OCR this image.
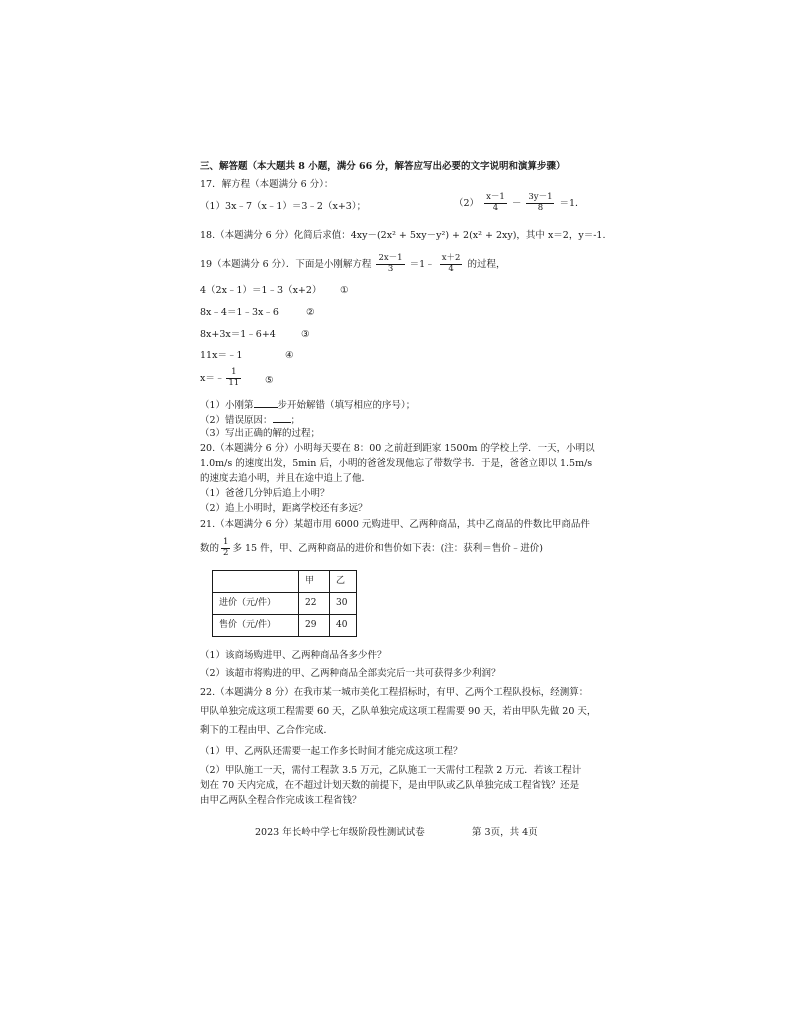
三、解答题（本大题共 8 小题，满分 66 分，解答应写出必要的文字说明和演算步骤）
17．解方程（本题满分 6 分）：
（1）3x﹣7（x﹣1）＝3﹣2（x+3）；	$(2) \frac{x-1}{4} - \frac{3y-1}{8} =1$．
18.（本题满分 6 分）化简后求值：4xy－(2x² + 5xy－y²) + 2(x² + 2xy)，其中 x＝2，y＝-1.
19（本题满分 6 分）．下面是小刚解方程 $\frac{2x-1}{3}$ ＝1﹣ $\frac{x+2}{4}$ 的过程，
4（2x﹣1）＝1﹣3（x+2） ①
8x﹣4＝1﹣3x﹣6	②
8x+3x＝1﹣6+4	③
11x＝﹣1	④
x＝﹣ $\frac{1}{11}$	⑤
（1）小刚第	步开始解错（填写相应的序号）；
（2）错误原因： ；
（3）写出正确的解的过程；
20.（本题满分 6 分）小明每天要在 8：00 之前赶到距家 1500m 的学校上学．一天，小明以
1.0m/s 的速度出发，5min 后，小明的爸爸发现他忘了带数学书．于是，爸爸立即以 1.5m/s
的速度去追小明，并且在途中追上了他．
（1）爸爸几分钟后追上小明？
（2）追上小明时，距离学校还有多远？
21.（本题满分 6 分）某超市用 6000 元购进甲、乙两种商品，其中乙商品的件数比甲商品件
数的 $\frac{1}{2}$ 多 15 件，甲、乙两种商品的进价和售价如下表：(注：获利＝售价﹣进价)
	甲	乙
进价（元/件）	22	30
售价（元/件）	29	40
（1）该商场购进甲、乙两种商品各多少件？
（2）该超市将购进的甲、乙两种商品全部卖完后一共可获得多少利润？
22.（本题满分 8 分）在我市某一城市美化工程招标时，有甲、乙两个工程队投标，经测算：
甲队单独完成这项工程需要 60 天，乙队单独完成这项工程需要 90 天，若由甲队先做 20 天，
剩下的工程由甲、乙合作完成．
（1）甲、乙两队还需要一起工作多长时间才能完成这项工程？
（2）甲队施工一天，需付工程款 3.5 万元，乙队施工一天需付工程款 2 万元．若该工程计
划在 70 天内完成，在不超过计划天数的前提下，是由甲队或乙队单独完成工程省钱？还是
由甲乙两队全程合作完成该工程省钱？
2023 年长岭中学七年级阶段性测试试卷	第 3页，共 4页
